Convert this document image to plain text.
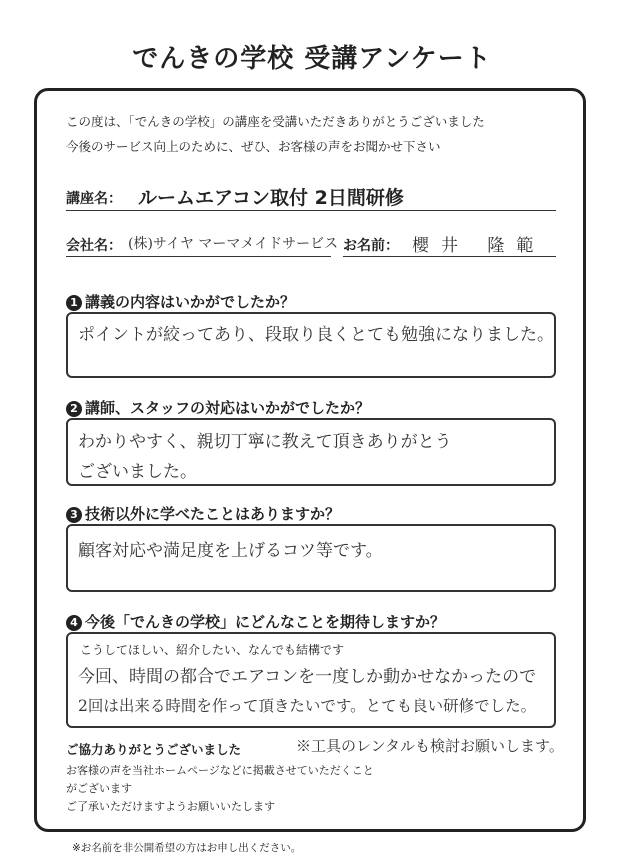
でんきの学校 受講アンケート
この度は、「でんきの学校」の講座を受講いただきありがとうございました
今後のサービス向上のために、ぜひ、お客様の声をお聞かせ下さい
講座名： ルームエアコン取付 2日間研修
会社名： (株)サイヤ マーマメイドサービス お名前： 櫻井 隆範
1 講義の内容はいかがでしたか？
ポイントが絞ってあり、段取り良くとても勉強になりました。
2 講師、スタッフの対応はいかがでしたか？
わかりやすく、親切丁寧に教えて頂きありがとう
ございました。
3 技術以外に学べたことはありますか？
顧客対応や満足度を上げるコツ等です。
4 今後「でんきの学校」にどんなことを期待しますか？
こうしてほしい、紹介したい、なんでも結構です
今回、時間の都合でエアコンを一度しか動かせなかったので
2回は出来る時間を作って頂きたいです。とても良い研修でした。
ご協力ありがとうございました	※工具のレンタルも検討お願いします。
お客様の声を当社ホームページなどに掲載させていただくこと
がございます
ご了承いただけますようお願いいたします
※お名前を非公開希望の方はお申し出ください。
